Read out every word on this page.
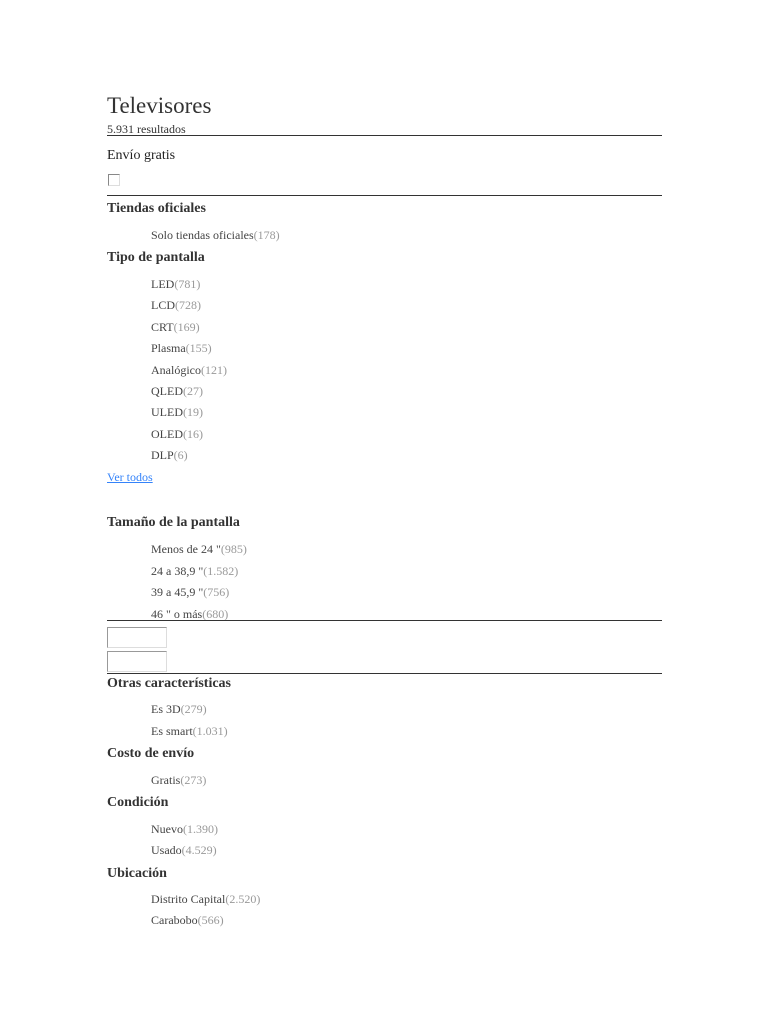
Televisores
5.931 resultados
Envío gratis
Tiendas oficiales
Solo tiendas oficiales(178)
Tipo de pantalla
LED(781)
LCD(728)
CRT(169)
Plasma(155)
Analógico(121)
QLED(27)
ULED(19)
OLED(16)
DLP(6)
Ver todos
Tamaño de la pantalla
Menos de 24 "(985)
24 a 38,9 "(1.582)
39 a 45,9 "(756)
46 " o más(680)
Otras características
Es 3D(279)
Es smart(1.031)
Costo de envío
Gratis(273)
Condición
Nuevo(1.390)
Usado(4.529)
Ubicación
Distrito Capital(2.520)
Carabobo(566)
